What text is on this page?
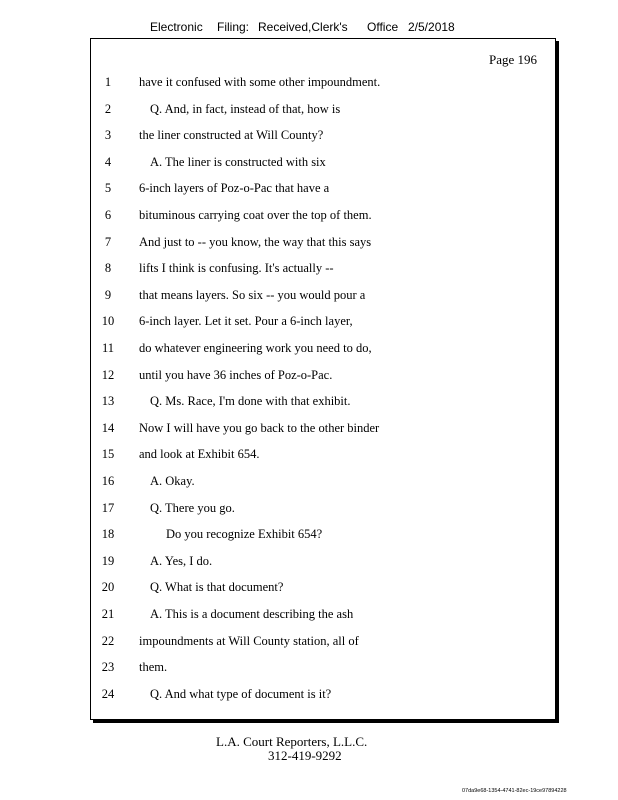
Electronic Filing: Received,Clerk's Office 2/5/2018
Page 196
1	have it confused with some other impoundment.
2	Q. And, in fact, instead of that, how is
3	the liner constructed at Will County?
4	A. The liner is constructed with six
5	6-inch layers of Poz-o-Pac that have a
6	bituminous carrying coat over the top of them.
7	And just to -- you know, the way that this says
8	lifts I think is confusing. It's actually --
9	that means layers. So six -- you would pour a
10	6-inch layer. Let it set. Pour a 6-inch layer,
11	do whatever engineering work you need to do,
12	until you have 36 inches of Poz-o-Pac.
13	Q. Ms. Race, I'm done with that exhibit.
14	Now I will have you go back to the other binder
15	and look at Exhibit 654.
16	A. Okay.
17	Q. There you go.
18	Do you recognize Exhibit 654?
19	A. Yes, I do.
20	Q. What is that document?
21	A. This is a document describing the ash
22	impoundments at Will County station, all of
23	them.
24	Q. And what type of document is it?
L.A. Court Reporters, L.L.C.
312-419-9292
07da9e68-1354-4741-82ec-19ce97894228
